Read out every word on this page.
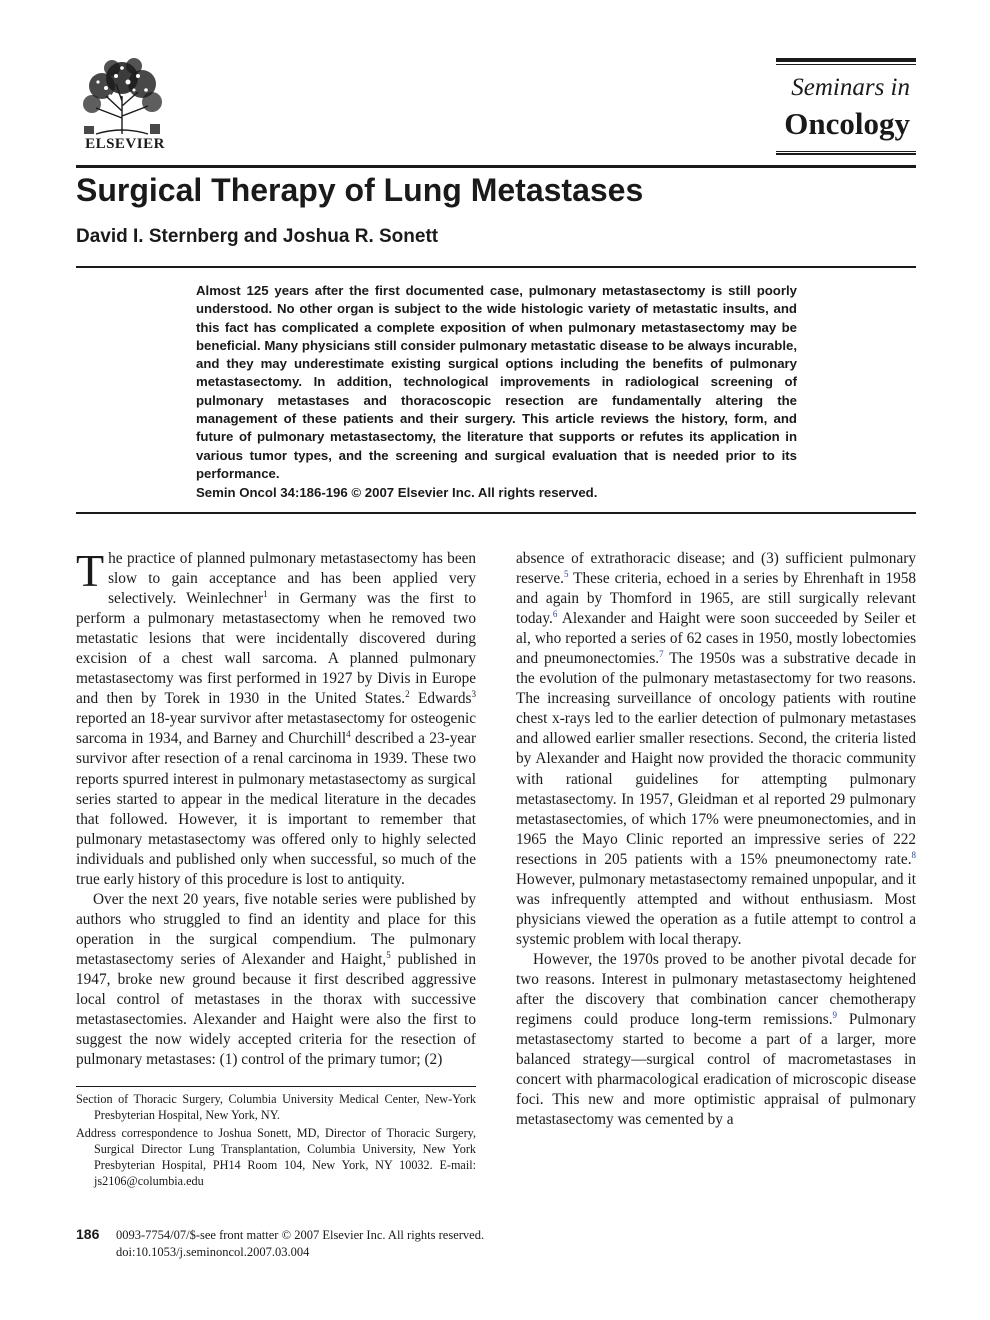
ELSEVIER
Seminars in
Oncology
Surgical Therapy of Lung Metastases
David I. Sternberg and Joshua R. Sonett
Almost 125 years after the first documented case, pulmonary metastasectomy is still poorly understood. No other organ is subject to the wide histologic variety of metastatic insults, and this fact has complicated a complete exposition of when pulmonary metastasectomy may be beneficial. Many physicians still consider pulmonary metastatic disease to be always incurable, and they may underestimate existing surgical options including the benefits of pulmonary metastasectomy. In addition, technological improvements in radiological screening of pulmonary metastases and thoracoscopic resection are fundamentally altering the management of these patients and their surgery. This article reviews the history, form, and future of pulmonary metastasectomy, the literature that supports or refutes its application in various tumor types, and the screening and surgical evaluation that is needed prior to its performance.
Semin Oncol 34:186-196 © 2007 Elsevier Inc. All rights reserved.

The practice of planned pulmonary metastasectomy has been slow to gain acceptance and has been applied very selectively. Weinlechner$^1$ in Germany was the first to perform a pulmonary metastasectomy when he removed two metastatic lesions that were incidentally discovered during excision of a chest wall sarcoma. A planned pulmonary metastasectomy was first performed in 1927 by Divis in Europe and then by Torek in 1930 in the United States.$^2$ Edwards$^3$ reported an 18-year survivor after metastasectomy for osteogenic sarcoma in 1934, and Barney and Churchill$^4$ described a 23-year survivor after resection of a renal carcinoma in 1939. These two reports spurred interest in pulmonary metastasectomy as surgical series started to appear in the medical literature in the decades that followed. However, it is important to remember that pulmonary metastasectomy was offered only to highly selected individuals and published only when successful, so much of the true early history of this procedure is lost to antiquity.

Over the next 20 years, five notable series were published by authors who struggled to find an identity and place for this operation in the surgical compendium. The pulmonary metastasectomy series of Alexander and Haight,$^5$ published in 1947, broke new ground because it first described aggressive local control of metastases in the thorax with successive metastasectomies. Alexander and Haight were also the first to suggest the now widely accepted criteria for the resection of pulmonary metastases: (1) control of the primary tumor; (2)

absence of extrathoracic disease; and (3) sufficient pulmonary reserve.$^5$ These criteria, echoed in a series by Ehrenhaft in 1958 and again by Thomford in 1965, are still surgically relevant today.$^6$ Alexander and Haight were soon succeeded by Seiler et al, who reported a series of 62 cases in 1950, mostly lobectomies and pneumonectomies.$^7$ The 1950s was a substrative decade in the evolution of the pulmonary metastasectomy for two reasons. The increasing surveillance of oncology patients with routine chest x-rays led to the earlier detection of pulmonary metastases and allowed earlier smaller resections. Second, the criteria listed by Alexander and Haight now provided the thoracic community with rational guidelines for attempting pulmonary metastasectomy. In 1957, Gleidman et al reported 29 pulmonary metastasectomies, of which 17% were pneumonectomies, and in 1965 the Mayo Clinic reported an impressive series of 222 resections in 205 patients with a 15% pneumonectomy rate.$^8$ However, pulmonary metastasectomy remained unpopular, and it was infrequently attempted and without enthusiasm. Most physicians viewed the operation as a futile attempt to control a systemic problem with local therapy.

However, the 1970s proved to be another pivotal decade for two reasons. Interest in pulmonary metastasectomy heightened after the discovery that combination cancer chemotherapy regimens could produce long-term remissions.$^9$ Pulmonary metastasectomy started to become a part of a larger, more balanced strategy—surgical control of macrometastases in concert with pharmacological eradication of microscopic disease foci. This new and more optimistic appraisal of pulmonary metastasectomy was cemented by a

Section of Thoracic Surgery, Columbia University Medical Center, New-York Presbyterian Hospital, New York, NY.

Address correspondence to Joshua Sonett, MD, Director of Thoracic Surgery, Surgical Director Lung Transplantation, Columbia University, New York Presbyterian Hospital, PH14 Room 104, New York, NY 10032. E-mail: js2106@columbia.edu

186 0093-7754/07/$-see front matter © 2007 Elsevier Inc. All rights reserved.
doi:10.1053/j.seminoncol.2007.03.004
